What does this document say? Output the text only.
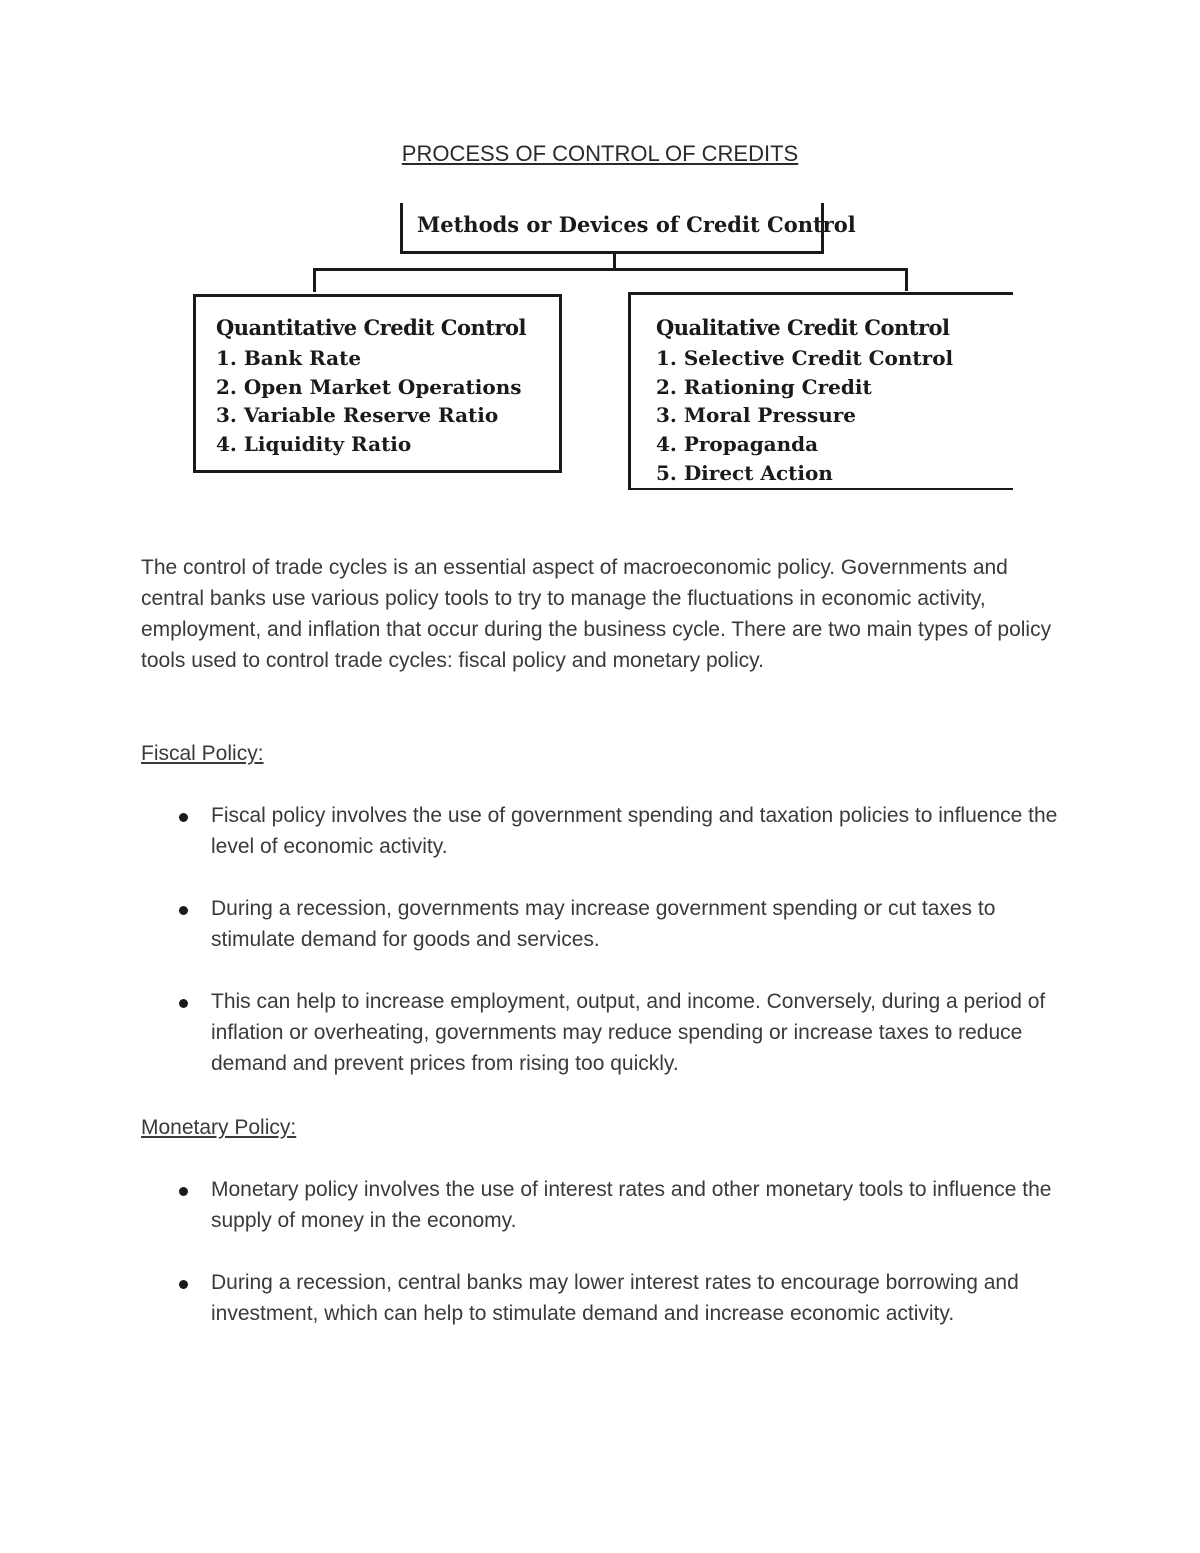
PROCESS OF CONTROL OF CREDITS
Methods or Devices of Credit Control
Quantitative Credit Control
1. Bank Rate
2. Open Market Operations
3. Variable Reserve Ratio
4. Liquidity Ratio
Qualitative Credit Control
1. Selective Credit Control
2. Rationing Credit
3. Moral Pressure
4. Propaganda
5. Direct Action

The control of trade cycles is an essential aspect of macroeconomic policy. Governments and central banks use various policy tools to try to manage the fluctuations in economic activity, employment, and inflation that occur during the business cycle. There are two main types of policy tools used to control trade cycles: fiscal policy and monetary policy.

Fiscal Policy:
Fiscal policy involves the use of government spending and taxation policies to influence the level of economic activity.
During a recession, governments may increase government spending or cut taxes to stimulate demand for goods and services.
This can help to increase employment, output, and income. Conversely, during a period of inflation or overheating, governments may reduce spending or increase taxes to reduce demand and prevent prices from rising too quickly.
Monetary Policy:
Monetary policy involves the use of interest rates and other monetary tools to influence the supply of money in the economy.
During a recession, central banks may lower interest rates to encourage borrowing and investment, which can help to stimulate demand and increase economic activity.
